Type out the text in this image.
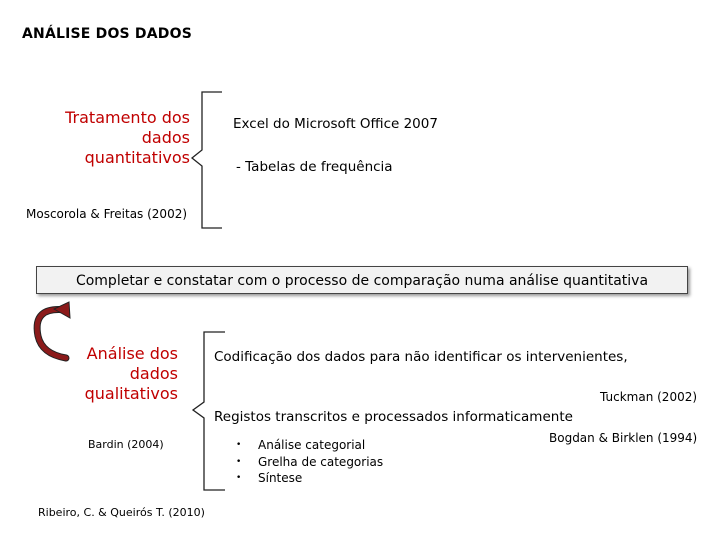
ANÁLISE DOS DADOS
Tratamento dos dados quantitativos
Excel do Microsoft Office 2007
- Tabelas de frequência
Moscorola & Freitas (2002)
Completar e constatar com o processo de comparação numa análise quantitativa
Análise dos dados qualitativos
Bardin (2004)
Codificação dos dados para não identificar os intervenientes,
Tuckman (2002)
Registos transcritos e processados informaticamente
Bogdan & Birklen (1994)
• Análise categorial
• Grelha de categorias
• Síntese
Ribeiro, C. & Queirós T. (2010)
